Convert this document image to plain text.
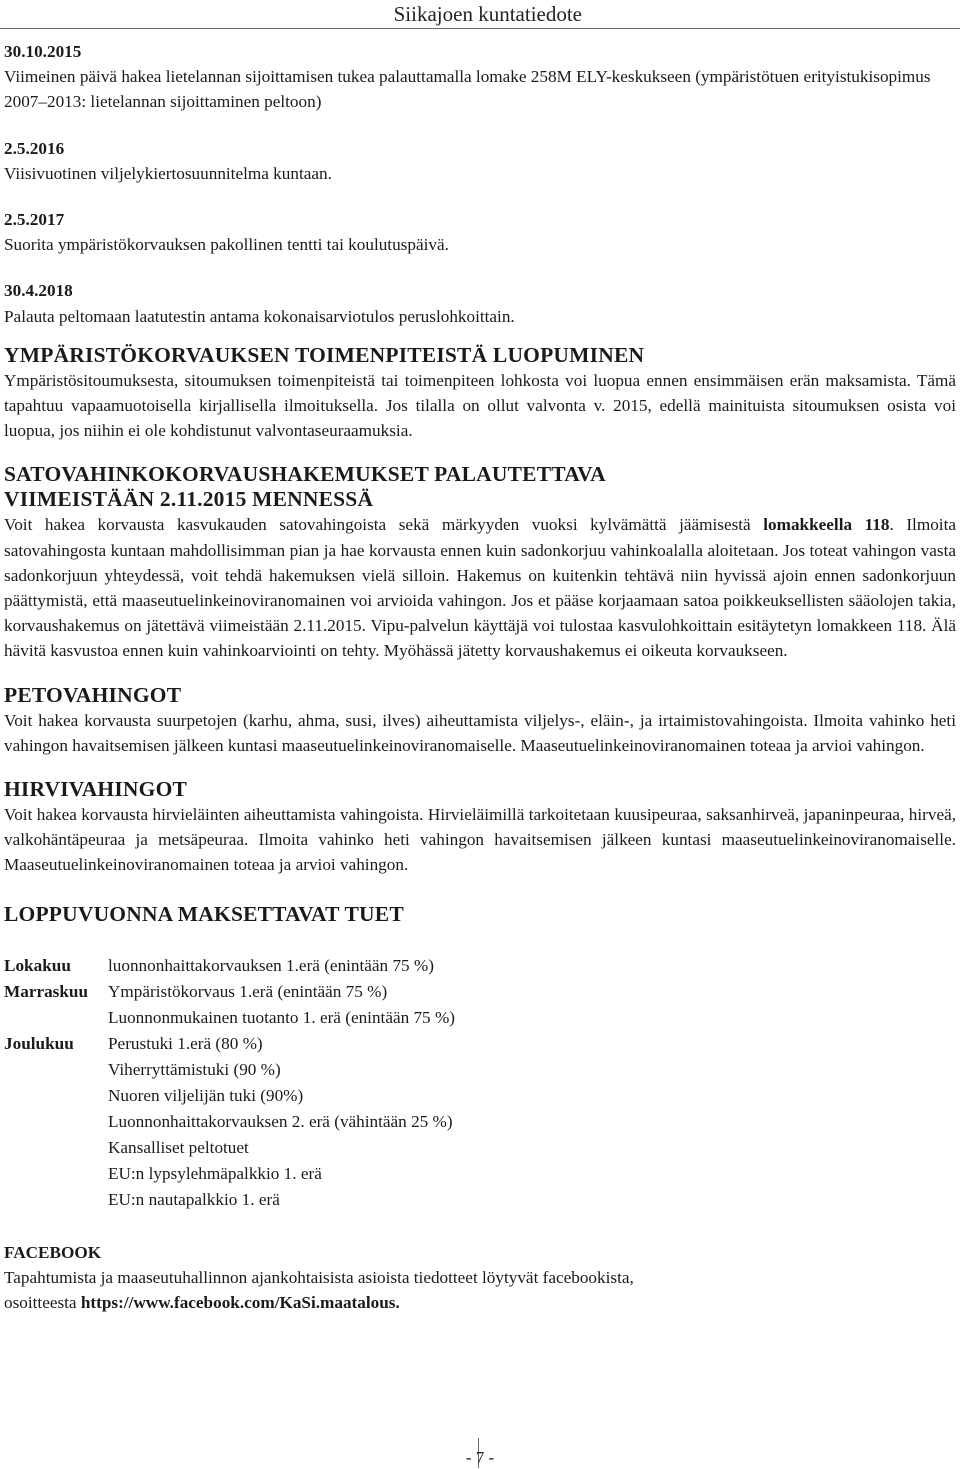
Siikajoen kuntatiedote

30.10.2015

Viimeinen päivä hakea lietelannan sijoittamisen tukea palauttamalla lomake 258M ELY-keskukseen (ympäristötuen erityistukisopimus 2007–2013: lietelannan sijoittaminen peltoon)

2.5.2016

Viisivuotinen viljelykiertosuunnitelma kuntaan.

2.5.2017

Suorita ympäristökorvauksen pakollinen tentti tai koulutuspäivä.

30.4.2018

Palauta peltomaan laatutestin antama kokonaisarviotulos peruslohkoittain.

YMPÄRISTÖKORVAUKSEN TOIMENPITEISTÄ LUOPUMINEN

Ympäristösitoumuksesta, sitoumuksen toimenpiteistä tai toimenpiteen lohkosta voi luopua ennen ensimmäisen erän maksamista. Tämä tapahtuu vapaamuotoisella kirjallisella ilmoituksella. Jos tilalla on ollut valvonta v. 2015, edellä mainituista sitoumuksen osista voi luopua, jos niihin ei ole kohdistunut valvontaseuraamuksia.

SATOVAHINKOKORVAUSHAKEMUKSET PALAUTETTAVA
VIIMEISTÄÄN 2.11.2015 MENNESSÄ

Voit hakea korvausta kasvukauden satovahingoista sekä märkyyden vuoksi kylvämättä jäämisestä lomakkeella 118. Ilmoita satovahingosta kuntaan mahdollisimman pian ja hae korvausta ennen kuin sadonkorjuu vahinkoalalla aloitetaan. Jos toteat vahingon vasta sadonkorjuun yhteydessä, voit tehdä hakemuksen vielä silloin. Hakemus on kuitenkin tehtävä niin hyvissä ajoin ennen sadonkorjuun päättymistä, että maaseutuelinkeinoviranomainen voi arvioida vahingon. Jos et pääse korjaamaan satoa poikkeuksellisten sääolojen takia, korvaushakemus on jätettävä viimeistään 2.11.2015. Vipu-palvelun käyttäjä voi tulostaa kasvulohkoittain esitäytetyn lomakkeen 118. Älä hävitä kasvustoa ennen kuin vahinkoarviointi on tehty. Myöhässä jätetty korvaushakemus ei oikeuta korvaukseen.

PETOVAHINGOT

Voit hakea korvausta suurpetojen (karhu, ahma, susi, ilves) aiheuttamista viljelys-, eläin-, ja irtaimistovahingoista. Ilmoita vahinko heti vahingon havaitsemisen jälkeen kuntasi maaseutuelinkeinoviranomaiselle. Maaseutuelinkeinoviranomainen toteaa ja arvioi vahingon.

HIRVIVAHINGOT

Voit hakea korvausta hirvieläinten aiheuttamista vahingoista. Hirvieläimillä tarkoitetaan kuusipeuraa, saksanhirveä, japaninpeuraa, hirveä, valkohäntäpeuraa ja metsäpeuraa. Ilmoita vahinko heti vahingon havaitsemisen jälkeen kuntasi maaseutuelinkeinoviranomaiselle. Maaseutuelinkeinoviranomainen toteaa ja arvioi vahingon.

LOPPUVUONNA MAKSETTAVAT TUET
Lokakuu	luonnonhaittakorvauksen 1.erä (enintään 75 %)
Marraskuu	Ympäristökorvaus 1.erä (enintään 75 %)
Luonnonmukainen tuotanto 1. erä (enintään 75 %)
Joulukuu	Perustuki 1.erä (80 %)
Viherryttämistuki (90 %)
Nuoren viljelijän tuki (90%)
Luonnonhaittakorvauksen 2. erä (vähintään 25 %)
Kansalliset peltotuet
EU:n lypsylehmäpalkkio 1. erä
EU:n nautapalkkio 1. erä

FACEBOOK

Tapahtumista ja maaseutuhallinnon ajankohtaisista asioista tiedotteet löytyvät facebookista,

osoitteesta https://www.facebook.com/KaSi.maatalous.

- 7 -
